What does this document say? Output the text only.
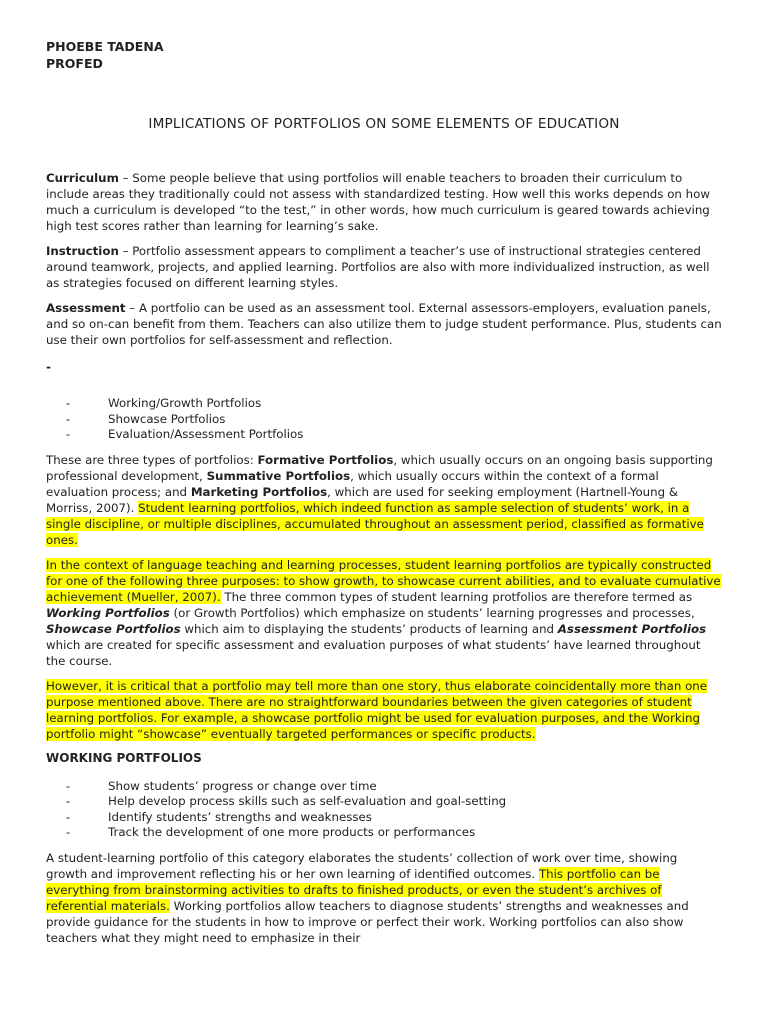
PHOEBE TADENA

PROFED

IMPLICATIONS OF PORTFOLIOS ON SOME ELEMENTS OF EDUCATION

Curriculum – Some people believe that using portfolios will enable teachers to broaden their curriculum to include areas they traditionally could not assess with standardized testing. How well this works depends on how much a curriculum is developed “to the test,” in other words, how much curriculum is geared towards achieving high test scores rather than learning for learning’s sake.

Instruction – Portfolio assessment appears to compliment a teacher’s use of instructional strategies centered around teamwork, projects, and applied learning. Portfolios are also with more individualized instruction, as well as strategies focused on different learning styles.

Assessment – A portfolio can be used as an assessment tool. External assessors-employers, evaluation panels, and so on-can benefit from them. Teachers can also utilize them to judge student performance. Plus, students can use their own portfolios for self-assessment and reflection.

-
- Working/Growth Portfolios
- Showcase Portfolios
- Evaluation/Assessment Portfolios

These are three types of portfolios: Formative Portfolios, which usually occurs on an ongoing basis supporting professional development, Summative Portfolios, which usually occurs within the context of a formal evaluation process; and Marketing Portfolios, which are used for seeking employment (Hartnell-Young & Morriss, 2007). Student learning portfolios, which indeed function as sample selection of students’ work, in a single discipline, or multiple disciplines, accumulated throughout an assessment period, classified as formative ones.

In the context of language teaching and learning processes, student learning portfolios are typically constructed for one of the following three purposes: to show growth, to showcase current abilities, and to evaluate cumulative achievement (Mueller, 2007). The three common types of student learning protfolios are therefore termed as Working Portfolios (or Growth Portfolios) which emphasize on students’ learning progresses and processes, Showcase Portfolios which aim to displaying the students’ products of learning and Assessment Portfolios which are created for specific assessment and evaluation purposes of what students’ have learned throughout the course.

However, it is critical that a portfolio may tell more than one story, thus elaborate coincidentally more than one purpose mentioned above. There are no straightforward boundaries between the given categories of student learning portfolios. For example, a showcase portfolio might be used for evaluation purposes, and the Working portfolio might “showcase” eventually targeted performances or specific products.

WORKING PORTFOLIOS
- Show students’ progress or change over time
- Help develop process skills such as self-evaluation and goal-setting
- Identify students’ strengths and weaknesses
- Track the development of one more products or performances

A student-learning portfolio of this category elaborates the students’ collection of work over time, showing growth and improvement reflecting his or her own learning of identified outcomes. This portfolio can be everything from brainstorming activities to drafts to finished products, or even the student’s archives of referential materials. Working portfolios allow teachers to diagnose students’ strengths and weaknesses and provide guidance for the students in how to improve or perfect their work. Working portfolios can also show teachers what they might need to emphasize in their
